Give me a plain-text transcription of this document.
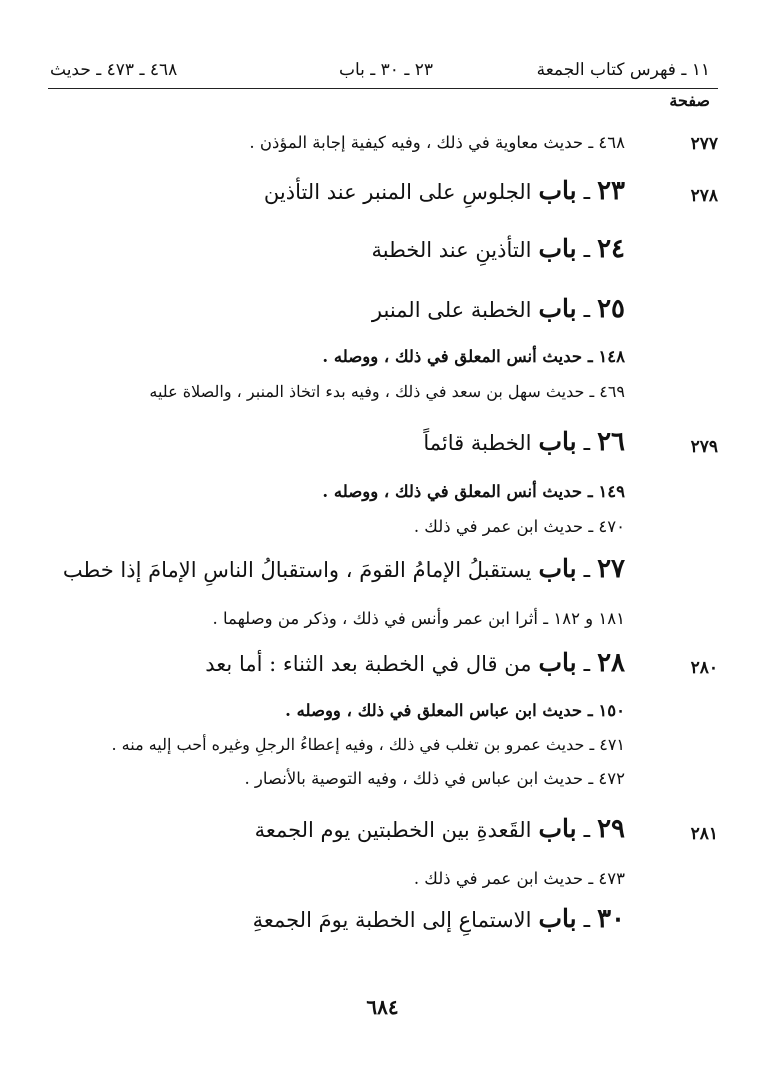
١١ ـ فهرس كتاب الجمعة
٢٣ ـ ٣٠ ـ باب
٤٦٨ ـ ٤٧٣ ـ حديث
صفحة
٢٧٧
٤٦٨ ـ حديث معاوية في ذلك ، وفيه كيفية إجابة المؤذن .
٢٧٨
٢٣ ـ باب الجلوسِ على المنبر عند التأذين
٢٤ ـ باب التأذينِ عند الخطبة
٢٥ ـ باب الخطبة على المنبر
١٤٨ ـ حديث أنس المعلق في ذلك ، ووصله .
٤٦٩ ـ حديث سهل بن سعد في ذلك ، وفيه بدء اتخاذ المنبر ، والصلاة عليه
٢٧٩
٢٦ ـ باب الخطبة قائماً
١٤٩ ـ حديث أنس المعلق في ذلك ، ووصله .
٤٧٠ ـ حديث ابن عمر في ذلك .
٢٧ ـ باب يستقبلُ الإمامُ القومَ ، واستقبالُ الناسِ الإمامَ إذا خطب
١٨١ و ١٨٢ ـ أثرا ابن عمر وأنس في ذلك ، وذكر من وصلهما .
٢٨٠
٢٨ ـ باب من قال في الخطبة بعد الثناء : أما بعد
١٥٠ ـ حديث ابن عباس المعلق في ذلك ، ووصله .
٤٧١ ـ حديث عمرو بن تغلب في ذلك ، وفيه إعطاءُ الرجلِ وغيره أحب إليه منه .
٤٧٢ ـ حديث ابن عباس في ذلك ، وفيه التوصية بالأنصار .
٢٨١
٢٩ ـ باب القَعدةِ بين الخطبتين يوم الجمعة
٤٧٣ ـ حديث ابن عمر في ذلك .
٣٠ ـ باب الاستماعِ إلى الخطبة يومَ الجمعةِ
٦٨٤
